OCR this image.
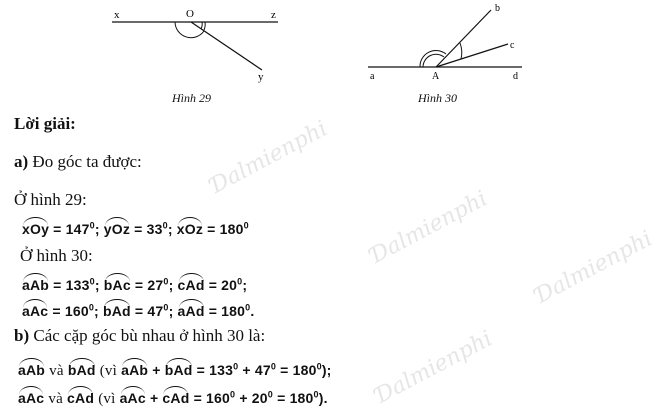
x	O	z
y
Hình 29
a	A
b
c
d
Hình 30
Ɗalmienphi
Ɗalmienphi Ɗalmienphi
Ɗalmienphi
Lời giải:
a) Đo góc ta được:
Ở hình 29:
xOy = $147^0$; yOz = $33^0$; xOz = $180^0$
Ở hình 30:
aAb = $133^0$; bAc = $27^0$; cAd = $20^0$;
aAc = $160^0$; bAd = $47^0$; aAd = $180^0$.
b) Các cặp góc bù nhau ở hình 30 là:
aAb và bAd (vì aAb + bAd = $133^0 + 47^0 = 180^0$);
aAc và cAd (vì aAc + cAd = $160^0 + 20^0 = 180^0$).
